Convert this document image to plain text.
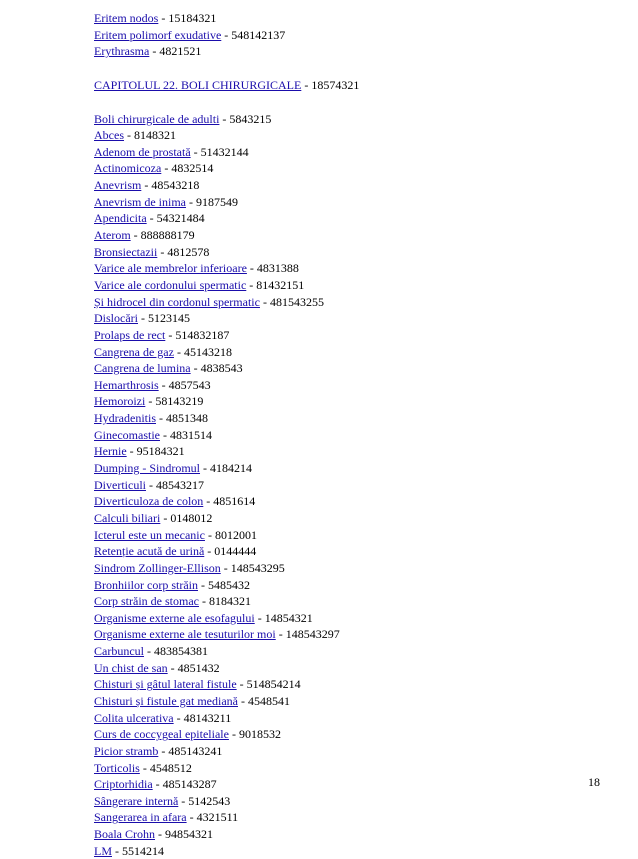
Eritem nodos - 15184321
Eritem polimorf exudative - 548142137
Erythrasma - 4821521
CAPITOLUL 22. BOLI CHIRURGICALE - 18574321
Boli chirurgicale de adulti - 5843215
Abces - 8148321
Adenom de prostată - 51432144
Actinomicoza - 4832514
Anevrism - 48543218
Anevrism de inima - 9187549
Apendicita - 54321484
Aterom - 888888179
Bronsiectazii - 4812578
Varice ale membrelor inferioare - 4831388
Varice ale cordonului spermatic - 81432151
Și hidrocel din cordonul spermatic - 481543255
Dislocări - 5123145
Prolaps de rect - 514832187
Cangrena de gaz - 45143218
Cangrena de lumina - 4838543
Hemarthrosis - 4857543
Hemoroizi - 58143219
Hydradenitis - 4851348
Ginecomastie - 4831514
Hernie - 95184321
Dumping - Sindromul - 4184214
Diverticuli - 48543217
Diverticuloza de colon - 4851614
Calculi biliari - 0148012
Icterul este un mecanic - 8012001
Retenție acută de urină - 0144444
Sindrom Zollinger-Ellison - 148543295
Bronhiilor corp străin - 5485432
Corp străin de stomac - 8184321
Organisme externe ale esofagului - 14854321
Organisme externe ale tesuturilor moi - 148543297
Carbuncul - 483854381
Un chist de san - 4851432
Chisturi și gâtul lateral fistule - 514854214
Chisturi și fistule gat mediană - 4548541
Colita ulcerativa - 48143211
Curs de coccygeal epiteliale - 9018532
Picior stramb - 485143241
Torticolis - 4548512
Criptorhidia - 485143287
Sângerare internă - 5142543
Sangerarea in afara - 4321511
Boala Crohn - 94854321
LM - 5514214
18
